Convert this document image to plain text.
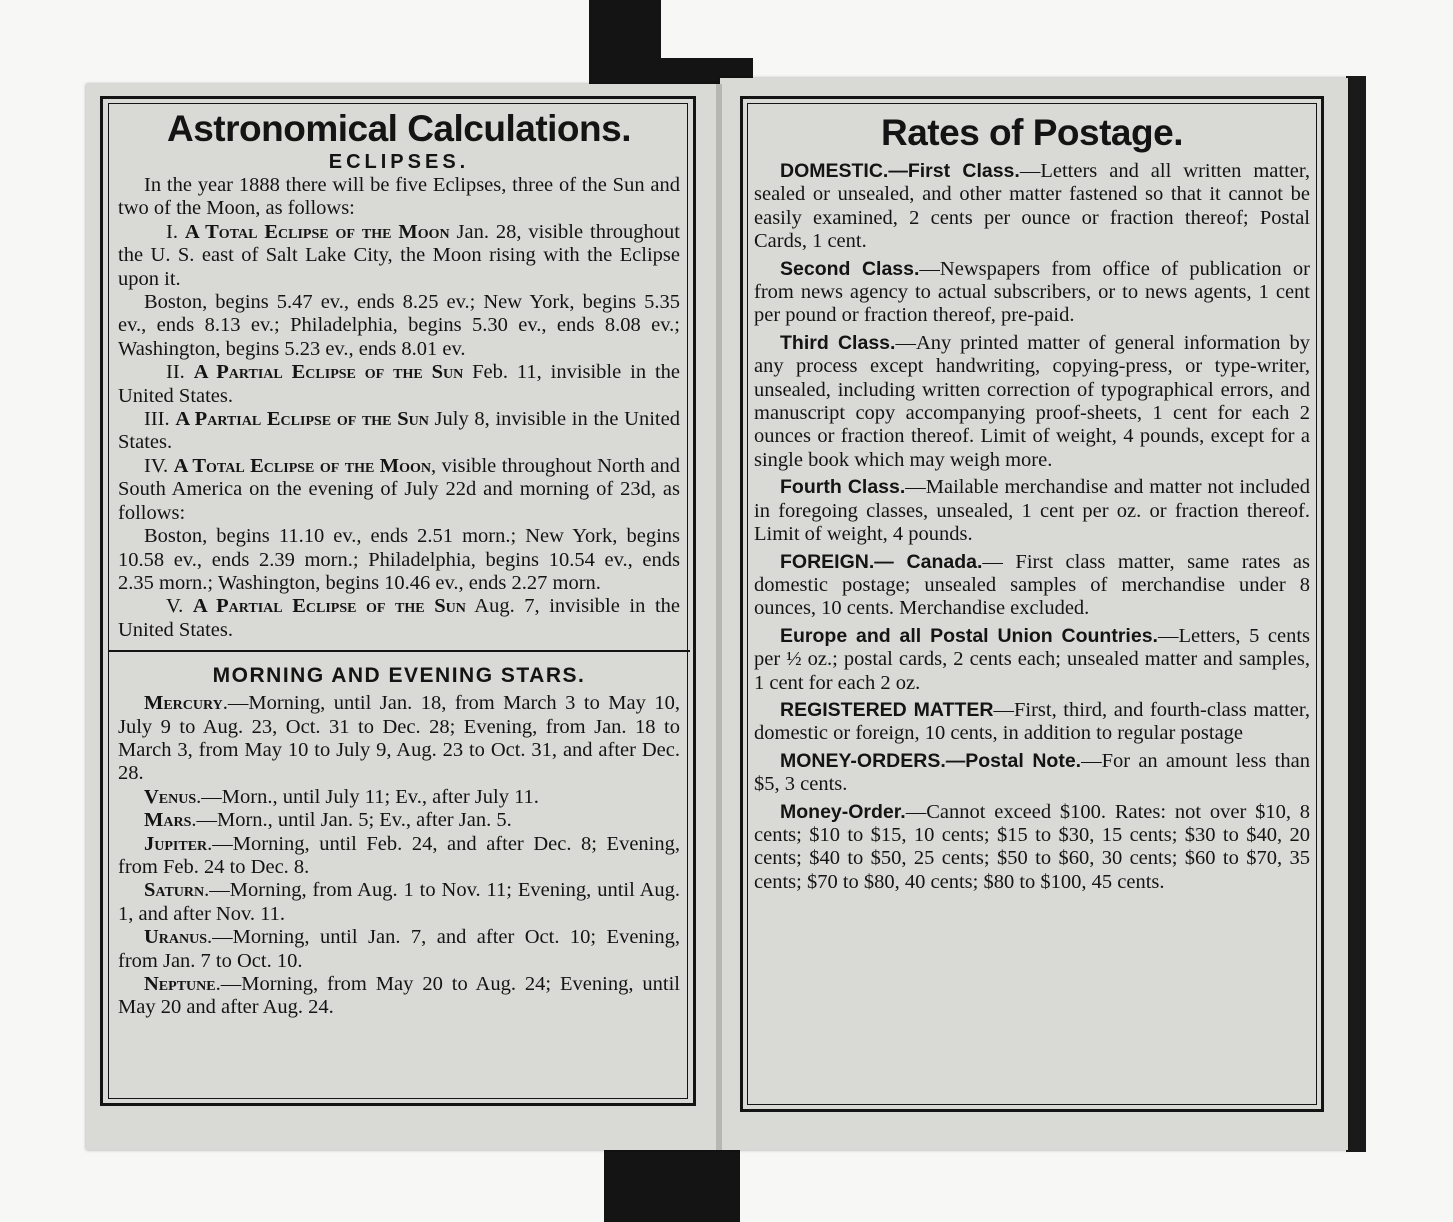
Astronomical Calculations.
ECLIPSES.

In the year 1888 there will be five Eclipses, three of the Sun and two of the Moon, as follows:

I. A Total Eclipse of the Moon Jan. 28, visible throughout the U. S. east of Salt Lake City, the Moon rising with the Eclipse upon it.

Boston, begins 5.47 ev., ends 8.25 ev.; New York, begins 5.35 ev., ends 8.13 ev.; Philadelphia, begins 5.30 ev., ends 8.08 ev.; Washington, begins 5.23 ev., ends 8.01 ev.

II. A Partial Eclipse of the Sun Feb. 11, invisible in the United States.

III. A Partial Eclipse of the Sun July 8, invisible in the United States.

IV. A Total Eclipse of the Moon, visible throughout North and South America on the evening of July 22d and morning of 23d, as follows:

Boston, begins 11.10 ev., ends 2.51 morn.; New York, begins 10.58 ev., ends 2.39 morn.; Philadelphia, begins 10.54 ev., ends 2.35 morn.; Washington, begins 10.46 ev., ends 2.27 morn.

V. A Partial Eclipse of the Sun Aug. 7, invisible in the United States.

MORNING AND EVENING STARS.

Mercury.—Morning, until Jan. 18, from March 3 to May 10, July 9 to Aug. 23, Oct. 31 to Dec. 28; Evening, from Jan. 18 to March 3, from May 10 to July 9, Aug. 23 to Oct. 31, and after Dec. 28.

Venus.—Morn., until July 11; Ev., after July 11.

Mars.—Morn., until Jan. 5; Ev., after Jan. 5.

Jupiter.—Morning, until Feb. 24, and after Dec. 8; Evening, from Feb. 24 to Dec. 8.

Saturn.—Morning, from Aug. 1 to Nov. 11; Evening, until Aug. 1, and after Nov. 11.

Uranus.—Morning, until Jan. 7, and after Oct. 10; Evening, from Jan. 7 to Oct. 10.

Neptune.—Morning, from May 20 to Aug. 24; Evening, until May 20 and after Aug. 24.

Rates of Postage.

DOMESTIC.—First Class.—Letters and all written matter, sealed or unsealed, and other matter fastened so that it cannot be easily examined, 2 cents per ounce or fraction thereof; Postal Cards, 1 cent.

Second Class.—Newspapers from office of publication or from news agency to actual subscribers, or to news agents, 1 cent per pound or fraction thereof, pre-paid.

Third Class.—Any printed matter of general information by any process except handwriting, copying-press, or type-writer, unsealed, including written correction of typographical errors, and manuscript copy accompanying proof-sheets, 1 cent for each 2 ounces or fraction thereof. Limit of weight, 4 pounds, except for a single book which may weigh more.

Fourth Class.—Mailable merchandise and matter not included in foregoing classes, unsealed, 1 cent per oz. or fraction thereof. Limit of weight, 4 pounds.

FOREIGN.— Canada.— First class matter, same rates as domestic postage; unsealed samples of merchandise under 8 ounces, 10 cents. Merchandise excluded.

Europe and all Postal Union Countries.—Letters, 5 cents per ½ oz.; postal cards, 2 cents each; unsealed matter and samples, 1 cent for each 2 oz.

REGISTERED MATTER—First, third, and fourth-class matter, domestic or foreign, 10 cents, in addition to regular postage

MONEY-ORDERS.—Postal Note.—For an amount less than $5, 3 cents.

Money-Order.—Cannot exceed $100. Rates: not over $10, 8 cents; $10 to $15, 10 cents; $15 to $30, 15 cents; $30 to $40, 20 cents; $40 to $50, 25 cents; $50 to $60, 30 cents; $60 to $70, 35 cents; $70 to $80, 40 cents; $80 to $100, 45 cents.
